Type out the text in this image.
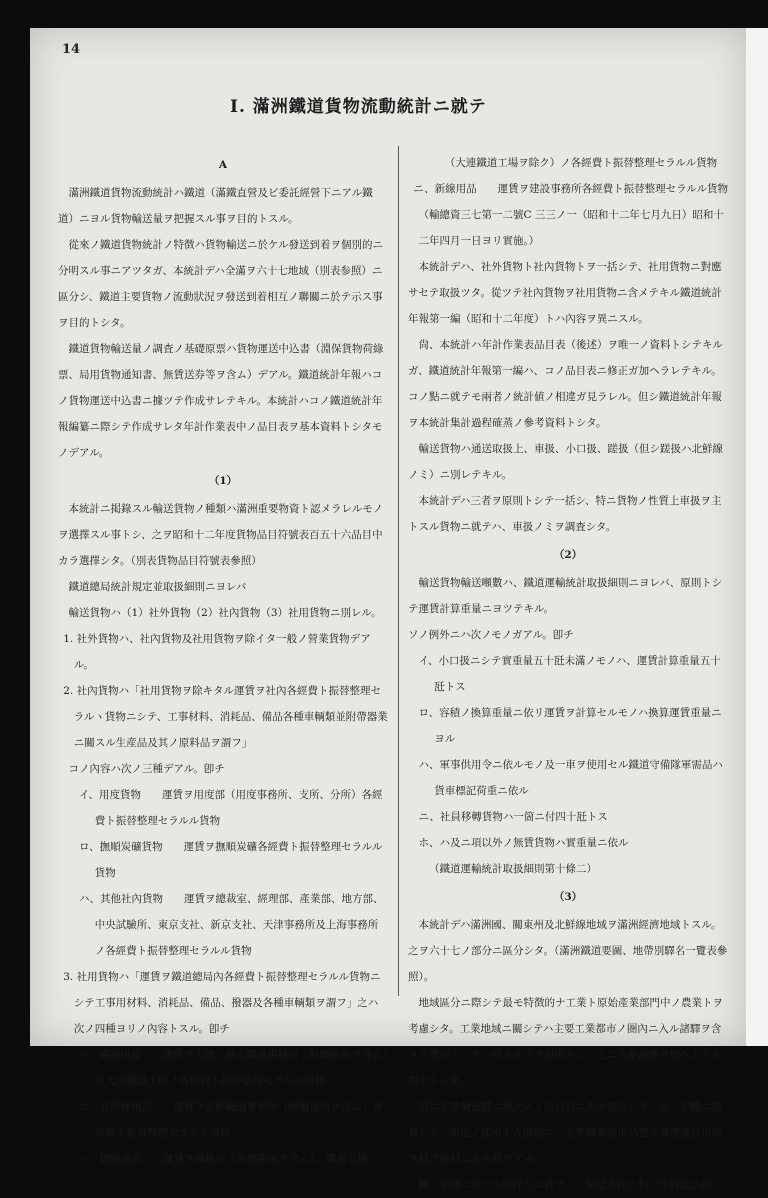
14
I. 滿洲鐵道貨物流動統計ニ就テ
A

滿洲鐵道貨物流動統計ハ鐵道（滿鐵直營及ビ委託經營下ニアル鐵道）ニヨル貨物輸送量ヲ把握スル事ヲ目的トスル。

從來ノ鐵道貨物統計ノ特徴ハ貨物輸送ニ於ケル發送到着ヲ個別的ニ分明スル事ニアツタガ、本統計デハ全滿ヲ六十七地域（別表参照）ニ區分シ、鐵道主要貨物ノ流動狀況ヲ發送到着相互ノ聯關ニ於テ示ス事ヲ目的トシタ。

鐵道貨物輸送量ノ調査ノ基礎原票ハ貨物運送中込書（淵保貨物荷綠票、局用貨物通知書、無賃送券等ヲ含ム）デアル。鐵道統計年報ハコノ貨物運送中込書ニ據ツテ作成サレテキル。本統計ハコノ鐵道統計年報編纂ニ際シテ作成サレタ年計作業表中ノ品目表ヲ基本資料トシタモノデアル。

（1）

本統計ニ掲錄スル輸送貨物ノ種類ハ滿洲重要物資ト認メラレルモノヲ選擇スル事トシ、之ヲ昭和十二年度貨物品目符號表百五十六品目中カラ選擇シタ。（別表貨物品目符號表參照）

鐵道總局統計規定並取扱細則ニヨレバ

輸送貨物ハ（1）社外貨物（2）社內貨物（3）社用貨物ニ別レル。

1. 社外貨物ハ、社內貨物及社用貨物ヲ除イタ一般ノ營業貨物デアル。

2. 社內貨物ハ「社用貨物ヲ除キタル運賃ヲ社內各經費ト振替整理セラルヽ貨物ニシテ、工事材料、消耗品、備品各種車輌類並附帶器業ニ關スル生産品及其ノ原料品ヲ謂フ」

コノ內容ハ次ノ三種デアル。卽チ

イ、用度貨物　　運賃ヲ用度部（用度事務所、支所、分所）各經費ト振替整理セラルル貨物

ロ、撫順炭礦貨物　　運賃ヲ撫順炭礦各經費ト振替整理セラルル貨物

ハ、其他社內貨物　　運賃ヲ總裁室、經理部、產業部、地方部、中央試驗所、東京支社、新京支社、天津事務所及上海事務所ノ各經費ト振替整理セラルル貨物

3. 社用貨物ハ「運賃ヲ鐵道總局內各經費ト振替整理セラルル貨物ニシテ工事用材料、消耗品、備品、撥器及各種車輌類ヲ謂フ」之ハ次ノ四種ヨリノ內容トスル。卽チ

イ、鐵線用品　　運賃ヲ大連、奉天鐵道事務所（附屬箇所ヲ含ム）及大連鐵道工場ノ各經費ト振替整理セラルル貨物

ロ、北鮮線用品　　運賃ヲ北鮮鐵道事務所（附屬箇所ヲ含ム）各經費ト振替整理セラルル貨物

ハ、國線用品　　運賃ヲ鐵路局（附屬箇所ヲ含ム）、鐵道工場

（大連鐵道工場ヲ除ク）ノ各經費ト振替整理セラルル貨物

ニ、新線用品　　運賃ヲ建設事務所各經費ト振替整理セラルル貨物

（輸總資三七第一二號C 三三ノ一（昭和十二年七月九日）昭和十二年四月一日ヨリ實施。）

本統計デハ、社外貨物ト社內貨物トヲ一括シテ、社用貨物ニ對應サセテ取扱ツタ。從ツテ社內貨物ヲ社用貨物ニ含メテキル鐵道統計年報第一編（昭和十二年度）トハ內容ヲ異ニスル。

尙、本統計ハ年計作業表品目表（後述）ヲ唯一ノ資料トシテキルガ、鐵道統計年報第一編ハ、コノ品目表ニ修正ガ加ヘラレテキル。コノ點ニ就テモ兩者ノ統計値ノ相違ガ見ラレル。但シ鐵道統計年報ヲ本統計集計過程確蒸ノ參考資料トシタ。

輸送貨物ハ通送取扱上、車扱、小口扱、蹉扱（但シ蹉扱ハ北鮮線ノミ）ニ別レテキル。

本統計デハ三者ヲ原則トシテ一括シ、特ニ貨物ノ性質上車扱ヲ主トスル貨物ニ就テハ、車扱ノミヲ調査シタ。

（2）

輸送貨物輸送噸數ハ、鐵道運輸統計取扱細則ニヨレバ、原則トシテ運賃計算重量ニヨツテキル。

ソノ例外ニハ次ノモノガアル。卽チ

イ、小口扱ニシテ實重量五十瓩未滿ノモノハ、運賃計算重量五十瓩トス

ロ、容積ノ換算重量ニ依リ運賃ヲ計算セルモノハ換算運賃重量ニヨル

ハ、軍事供用令ニ依ルモノ及一車ヲ使用セル鐵道守備隊軍需品ハ貨車標記荷重ニ依ル

ニ、社員移轉貨物ハ一箇ニ付四十瓩トス

ホ、ハ及ニ項以外ノ無賃貨物ハ實重量ニ依ル

（鐵道運輸統計取扱細則第十條二）

（3）

本統計デハ滿洲國、關東州及北鮮線地域ヲ滿洲經濟地域トスル。之ヲ六十七ノ部分ニ區分シタ。（滿洲鐵道要圖、地帶別驛名一覽表參照）。

地域區分ニ際シテ最モ特徴的ナ工業ト原始產業部門中ノ農業トヲ考慮シタ。工業地域ニ關シテハ主要工業都市ノ圏內ニ入ル諸驛ヲ含メテ都市トシテ一括スルノヲ原則トシ、之ニ主要海港ヲ加ヘテ十五都市トシタ。

別ニ主要發送驛ニ就テノミ品目別ニ夫々抽出シテ、表ノ下欄ニ掲載シタ。前述ノ都市ト入別個ニ、主要鑛業都市乃至主要農產品市場ヲ伺フ資料ニスル爲デアル。

驛ノ中間ニ於ケル積降シニ就テハ、輸送方向ニ對シテ發送ニ就
